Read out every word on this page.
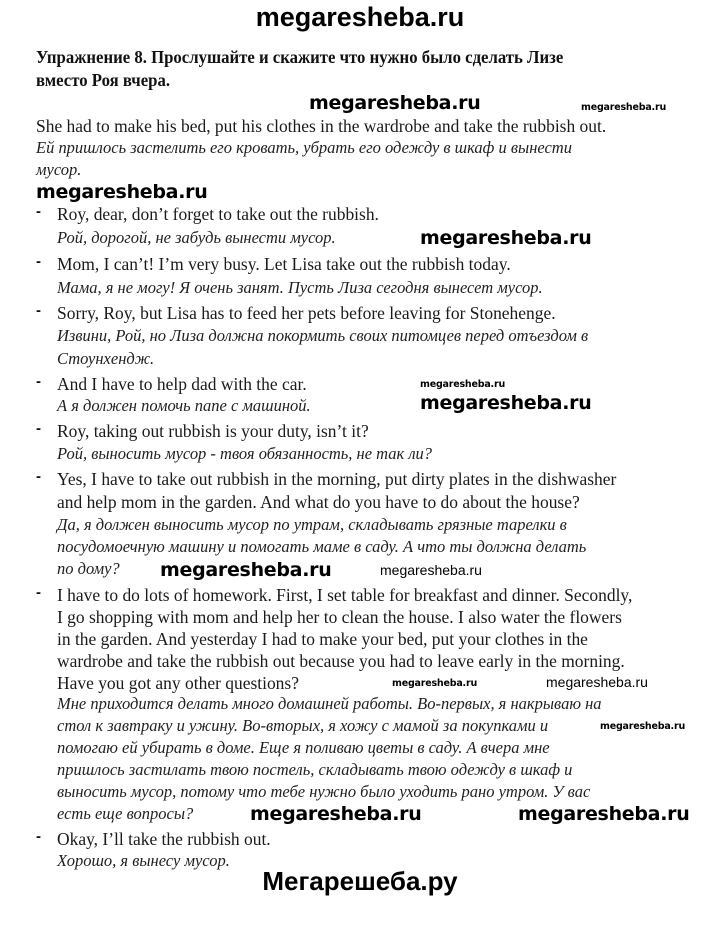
megaresheba.ru
Упражнение 8. Прослушайте и скажите что нужно было сделать Лизе
вместо Роя вчера.
megaresheba.ru	megaresheba.ru
megaresheba.ru
megaresheba.ru
megaresheba.ru
megaresheba.ru
megaresheba.ru	megaresheba.ru
megaresheba.ru
megaresheba.ru
megaresheba.ru
megaresheba.ru	megaresheba.ru
She had to make his bed, put his clothes in the wardrobe and take the rubbish out.
Ей пришлось застелить его кровать, убрать его одежду в шкаф и вынести
мусор.
- Roy, dear, don’t forget to take out the rubbish.
Рой, дорогой, не забудь вынести мусор.
- Mom, I can’t! I’m very busy. Let Lisa take out the rubbish today.
Мама, я не могу! Я очень занят. Пусть Лиза сегодня вынесет мусор.
- Sorry, Roy, but Lisa has to feed her pets before leaving for Stonehenge.
Извини, Рой, но Лиза должна покормить своих питомцев перед отъездом в
Стоунхендж.
- And I have to help dad with the car.
А я должен помочь папе с машиной.
- Roy, taking out rubbish is your duty, isn’t it?
Рой, выносить мусор - твоя обязанность, не так ли?
- Yes, I have to take out rubbish in the morning, put dirty plates in the dishwasher
and help mom in the garden. And what do you have to do about the house?
Да, я должен выносить мусор по утрам, складывать грязные тарелки в
посудомоечную машину и помогать маме в саду. А что ты должна делать
по дому?
- I have to do lots of homework. First, I set table for breakfast and dinner. Secondly,
I go shopping with mom and help her to clean the house. I also water the flowers
in the garden. And yesterday I had to make your bed, put your clothes in the
wardrobe and take the rubbish out because you had to leave early in the morning.
Have you got any other questions?
Мне приходится делать много домашней работы. Во-первых, я накрываю на
стол к завтраку и ужину. Во-вторых, я хожу с мамой за покупками и
помогаю ей убирать в доме. Еще я поливаю цветы в саду. А вчера мне
пришлось застилать твою постель, складывать твою одежду в шкаф и
выносить мусор, потому что тебе нужно было уходить рано утром. У вас
есть еще вопросы?
- Okay, I’ll take the rubbish out.
Хорошо, я вынесу мусор.
Мегарешеба.ру
